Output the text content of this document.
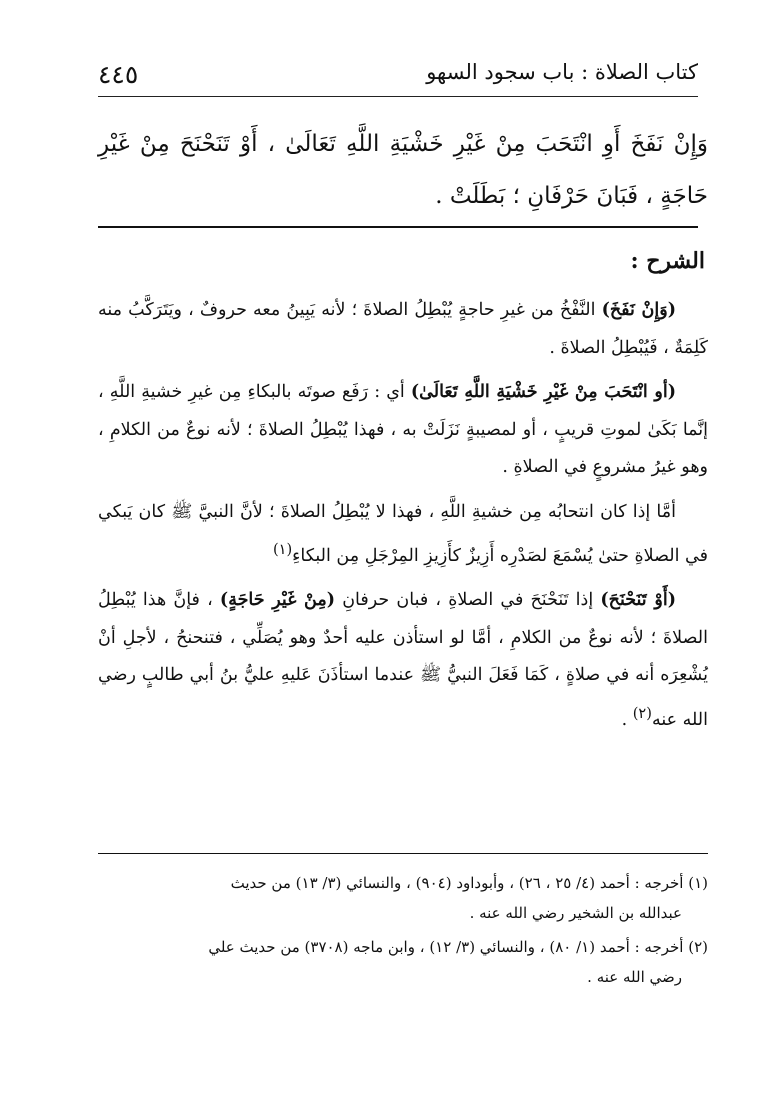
٤٤٥	كتاب الصلاة : باب سجود السهو
وَإِنْ نَفَخَ أَوِ انْتَحَبَ مِنْ غَيْرِ خَشْيَةِ اللَّهِ تَعَالَىٰ ، أَوْ تَنَحْنَحَ مِنْ غَيْرِ حَاجَةٍ ، فَبَانَ حَرْفَانِ ؛ بَطَلَتْ .
الشرح :

(وَإِنْ نَفَخَ) النَّفْخُ من غيرِ حاجةٍ يُبْطِلُ الصلاةَ ؛ لأنه يَبِينُ معه حروفٌ ، ويَتَرَكَّبُ منه كَلِمَةٌ ، فَيُبْطِلُ الصلاةَ .

(أو انْتَحَبَ مِنْ غَيْرِ خَشْيَةِ اللَّهِ تَعَالَىٰ) أي : رَفَع صوتَه بالبكاءِ مِن غيرِ خشيةِ اللَّهِ ، إنَّما بَكَىٰ لموتِ قريبٍ ، أو لمصيبةٍ نَزَلَتْ به ، فهذا يُبْطِلُ الصلاةَ ؛ لأنه نوعٌ من الكلامِ ، وهو غيرُ مشروعٍ في الصلاةِ .

أمَّا إذا كان انتحابُه مِن خشيةِ اللَّهِ ، فهذا لا يُبْطِلُ الصلاةَ ؛ لأنَّ النبيَّ ﷺ كان يَبكي في الصلاةِ حتىٰ يُسْمَعَ لصَدْرِه أَزِيزٌ كأَزِيزِ المِرْجَلِ مِن البكاءِ$^{(١)}$

(أَوْ تَنَحْنَحَ) إذا تَنَحْنَحَ في الصلاةِ ، فبان حرفانِ (مِنْ غَيْرِ حَاجَةٍ) ، فإنَّ هذا يُبْطِلُ الصلاةَ ؛ لأنه نوعٌ من الكلامِ ، أمَّا لو استأذن عليه أحدٌ وهو يُصَلِّي ، فتنحنحُ ، لأجلِ أنْ يُشْعِرَه أنه في صلاةٍ ، كَمَا فَعَلَ النبيُّ ﷺ عندما استأذَنَ عَليهِ عليُّ بنُ أبي طالبٍ رضي الله عنه$^{(٢)}$ .

(١) أخرجه : أحمد (٤/ ٢٥ ، ٢٦) ، وأبوداود (٩٠٤) ، والنسائي (٣/ ١٣) من حديث
عبدالله بن الشخير رضي الله عنه .

(٢) أخرجه : أحمد (١/ ٨٠) ، والنسائي (٣/ ١٢) ، وابن ماجه (٣٧٠٨) من حديث علي
رضي الله عنه .
